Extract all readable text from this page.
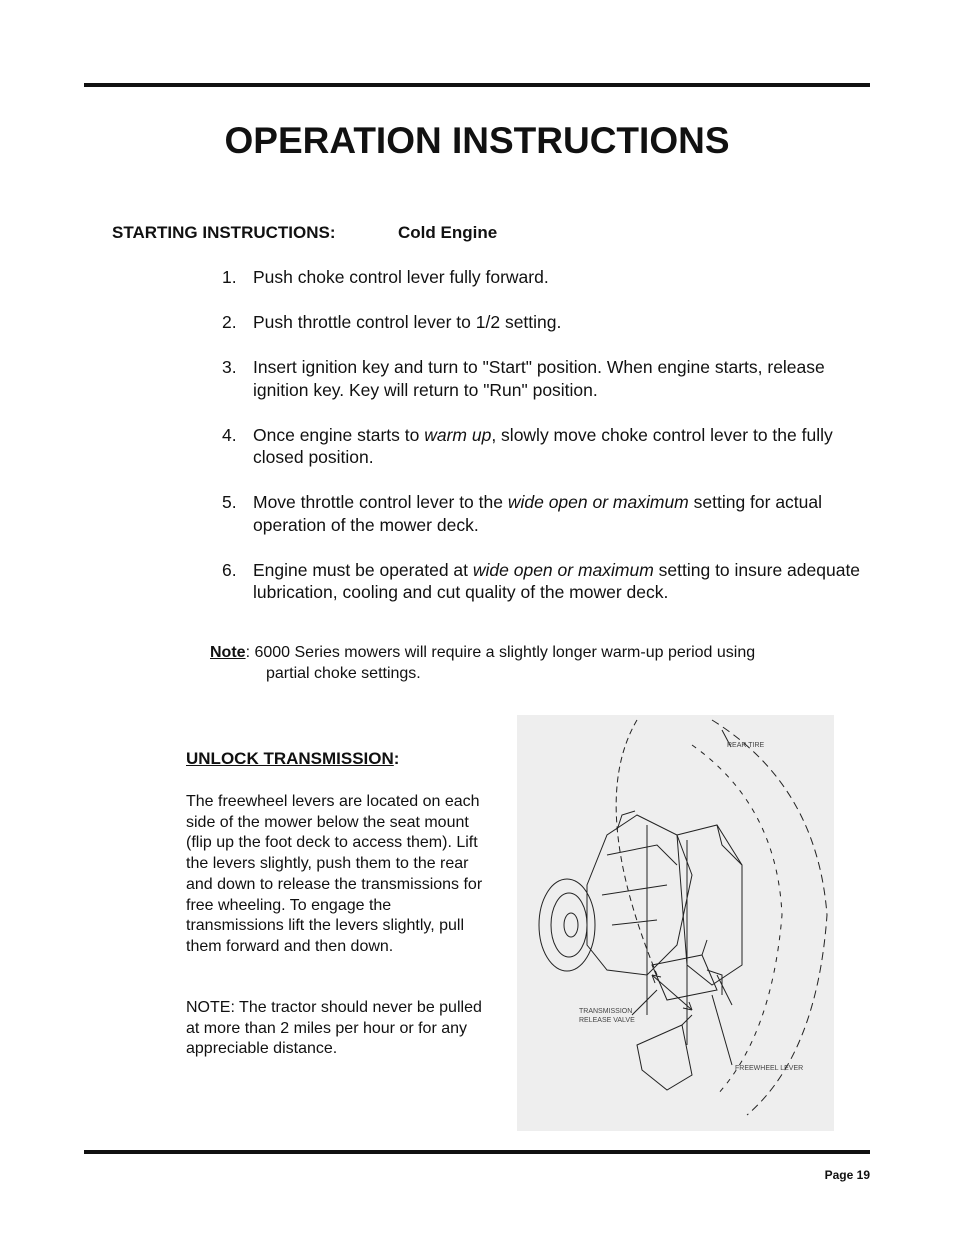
OPERATION INSTRUCTIONS
STARTING INSTRUCTIONS:	Cold Engine
1. Push choke control lever fully forward.
2. Push throttle control lever to 1/2 setting.
3. Insert ignition key and turn to "Start" position. When engine starts, release ignition key. Key will return to "Run" position.
4. Once engine starts to warm up, slowly move choke control lever to the fully closed position.
5. Move throttle control lever to the wide open or maximum setting for actual operation of the mower deck.
6. Engine must be operated at wide open or maximum setting to insure adequate lubrication, cooling and cut quality of the mower deck.
Note: 6000 Series mowers will require a slightly longer warm-up period using
partial choke settings.
UNLOCK TRANSMISSION:

The freewheel levers are located on each side of the mower below the seat mount (flip up the foot deck to access them). Lift the levers slightly, push them to the rear and down to release the transmissions for free wheeling. To engage the transmissions lift the levers slightly, pull them forward and then down.

NOTE: The tractor should never be pulled at more than 2 miles per hour or for any appreciable distance.

REAR TIRE
TRANSMISSION
RELEASE VALVE
FREEWHEEL LEVER
Page 19
